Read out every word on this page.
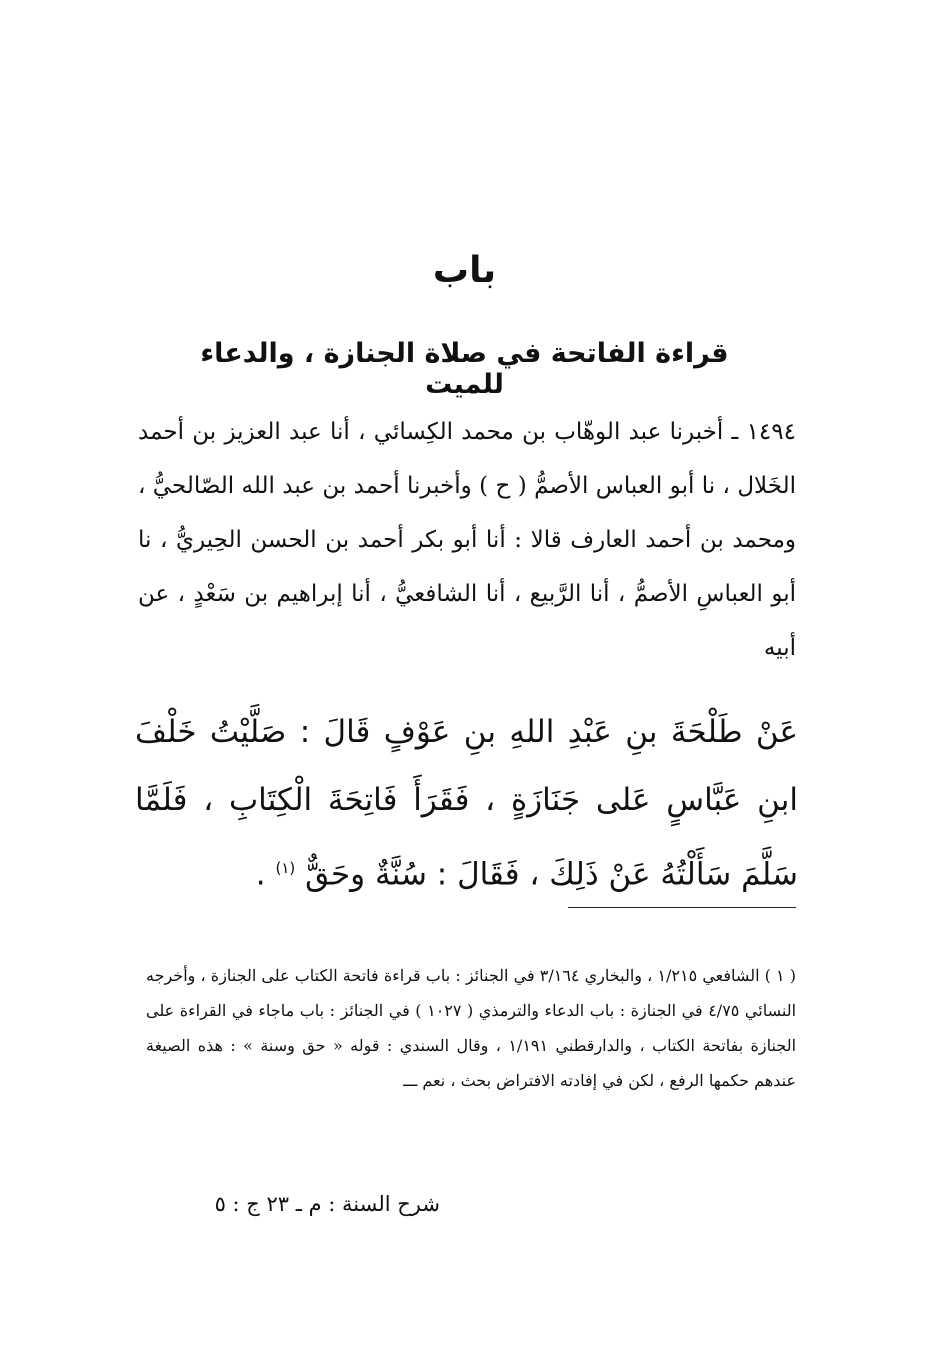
باب
قراءة الفاتحة في صلاة الجنازة ، والدعاء للميت
١٤٩٤ ـ أخبرنا عبد الوهّاب بن محمد الكِسائي ، أنا عبد العزيز بن أحمد الخَلال ، نا أبو العباس الأصمُّ ( ح ) وأخبرنا أحمد بن عبد الله الصّالحيُّ ، ومحمد بن أحمد العارف قالا : أنا أبو بكر أحمد بن الحسن الحِيريُّ ، نا أبو العباسِ الأصمُّ ، أنا الرَّبيع ، أنا الشافعيُّ ، أنا إبراهيم بن سَعْدٍ ، عن أبيه
عَنْ طَلْحَةَ بنِ عَبْدِ اللهِ بنِ عَوْفٍ قَالَ : صَلَّيْتُ خَلْفَ ابنِ عَبَّاسٍ عَلى جَنَازَةٍ ، فَقَرَأَ فَاتِحَةَ الْكِتَابِ ، فَلَمَّا سَلَّمَ سَأَلْتُهُ عَنْ ذَلِكَ ، فَقَالَ : سُنَّةٌ وحَقٌّ $^{(١)}$ .
( ١ ) الشافعي ١/٢١٥ ، والبخاري ٣/١٦٤ في الجنائز : باب قراءة فاتحة الكتاب على الجنازة ، وأخرجه النسائي ٤/٧٥ في الجنازة : باب الدعاء والترمذي ( ١٠٢٧ ) في الجنائز : باب ماجاء في القراءة على الجنازة بفاتحة الكتاب ، والدارقطني ١/١٩١ ، وقال السندي : قوله « حق وسنة » : هذه الصيغة عندهم حكمها الرفع ، لكن في إفادته الافتراض بحث ، نعم ـــ
شرح السنة : م ـ ٢٣ ج : ٥
